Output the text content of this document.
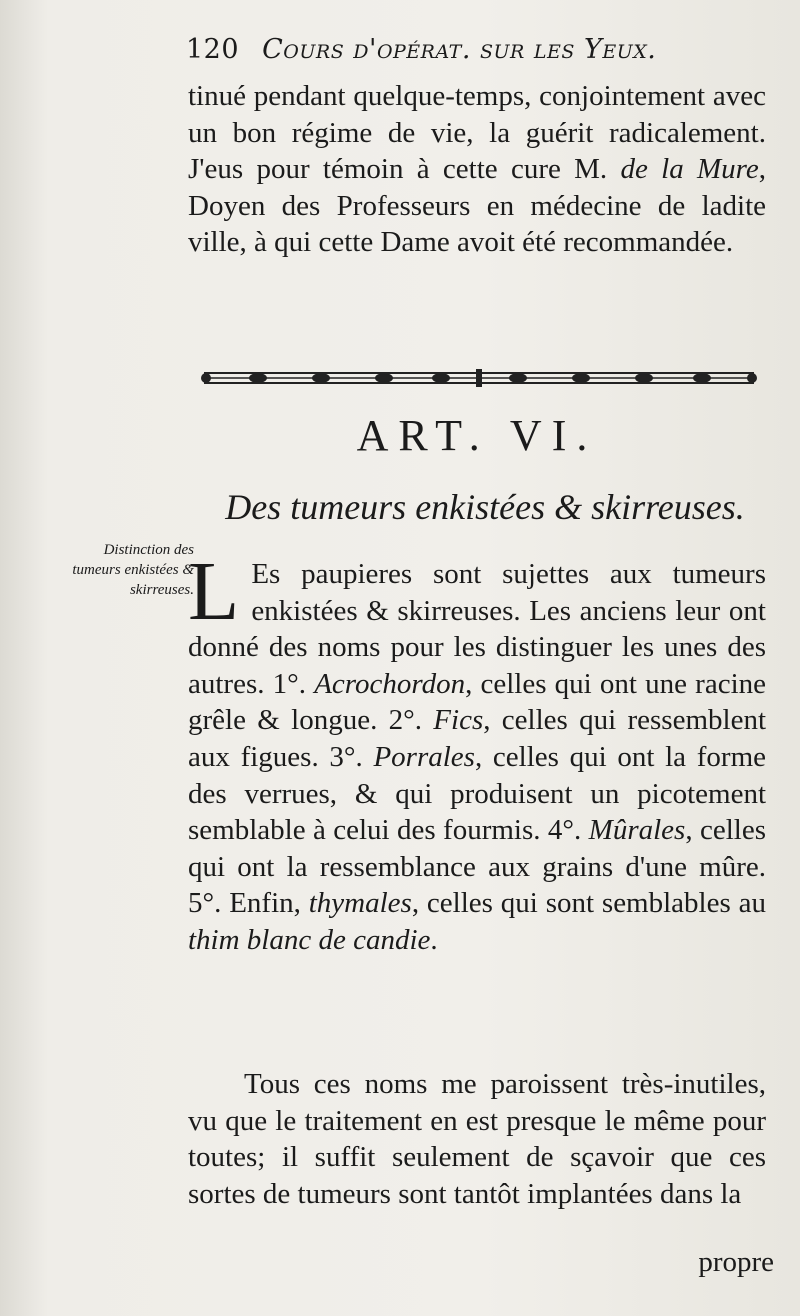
120 Cours d'opérat. sur les Yeux.
tinué pendant quelque-temps, conjointement avec un bon régime de vie, la guérit radicalement. J'eus pour témoin à cette cure M. de la Mure, Doyen des Professeurs en médecine de ladite ville, à qui cette Dame avoit été recommandée.
ART. VI.
Des tumeurs enkistées & skirreuses.
Distinction des tumeurs enkistées & skirreuses.
L Es paupieres sont sujettes aux tumeurs enkistées & skirreuses. Les anciens leur ont donné des noms pour les distinguer les unes des autres. 1°. Acrochordon, celles qui ont une racine grêle & longue. 2°. Fics, celles qui ressemblent aux figues. 3°. Porrales, celles qui ont la forme des verrues, & qui produisent un picotement semblable à celui des fourmis. 4°. Mûrales, celles qui ont la ressemblance aux grains d'une mûre. 5°. Enfin, thymales, celles qui sont semblables au thim blanc de candie.
Tous ces noms me paroissent très-inutiles, vu que le traitement en est presque le même pour toutes; il suffit seulement de sçavoir que ces sortes de tumeurs sont tantôt implantées dans la
propre
